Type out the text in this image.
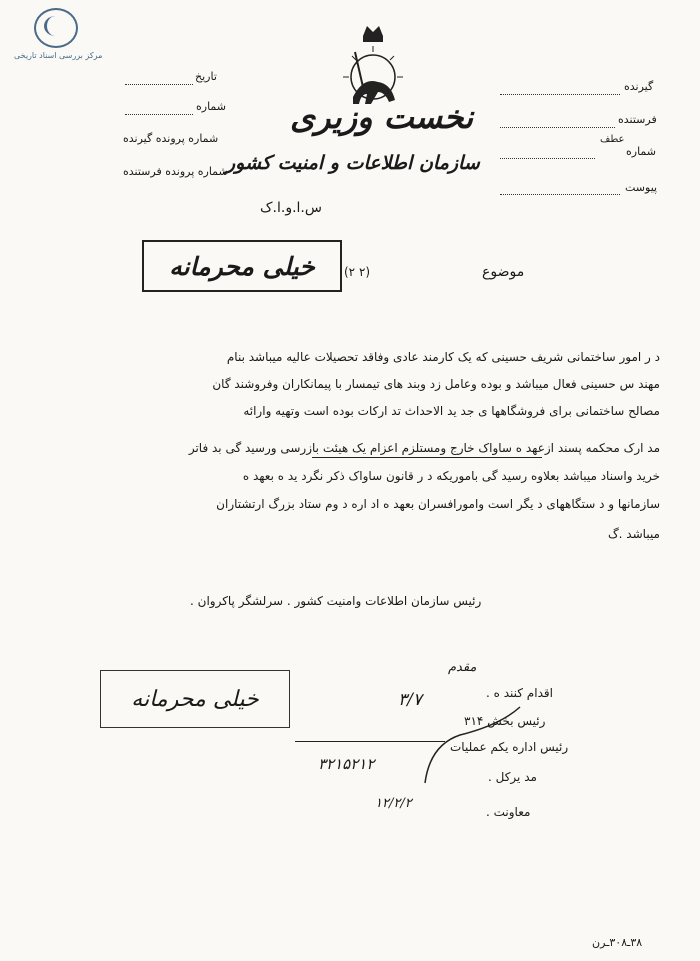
مرکز بررسی اسناد تاریخی
تاریخ
شماره
شماره پرونده گیرنده
شماره پرونده فرستنده
نخست وزیری
سازمان اطلاعات و امنیت کشور
س.ا.و.ا.ک
گیرنده
فرستنده
شماره
عطف
پیوست
موضوع
(۲ ۲)
خیلی محرمانه
د ر امور ساختمانی شریف حسینی که یک کارمند عادی وفاقد تحصیلات عالیه میباشد بنام
مهند س حسینی فعال میباشد و بوده وعامل زد وبند های تیمسار با پیمانکاران وفروشند گان
مصالح ساختمانی برای فروشگاهها ی جد ید الاحداث تد ارکات بوده است وتهیه وارائه
مد ارک محکمه پسند ازعهد ه ساواک خارج ومستلزم اعزام یک هیئت بازرسی ورسید گی بد فاتر
خرید واسناد میباشد بعلاوه رسید گی باموریکه د ر قانون ساواک ذکر نگرد ید ه بعهد ه
سازمانها و د ستگاههای د یگر است وامورافسران بعهد ه اد اره د وم ستاد بزرگ ارتشتاران
میباشد .گ
رئیس سازمان اطلاعات وامنیت کشور . سرلشگر پاکروان .
مقدم
۳/۷	اقدام کنند ه .
رئیس بخش ۳۱۴
رئیس اداره یکم عملیات
مد یرکل .
معاونت .
خیلی محرمانه
۳۲۱۵۲۱۲
۱۲/۲/۲
۳۸ـ۳۰۸ـرن
